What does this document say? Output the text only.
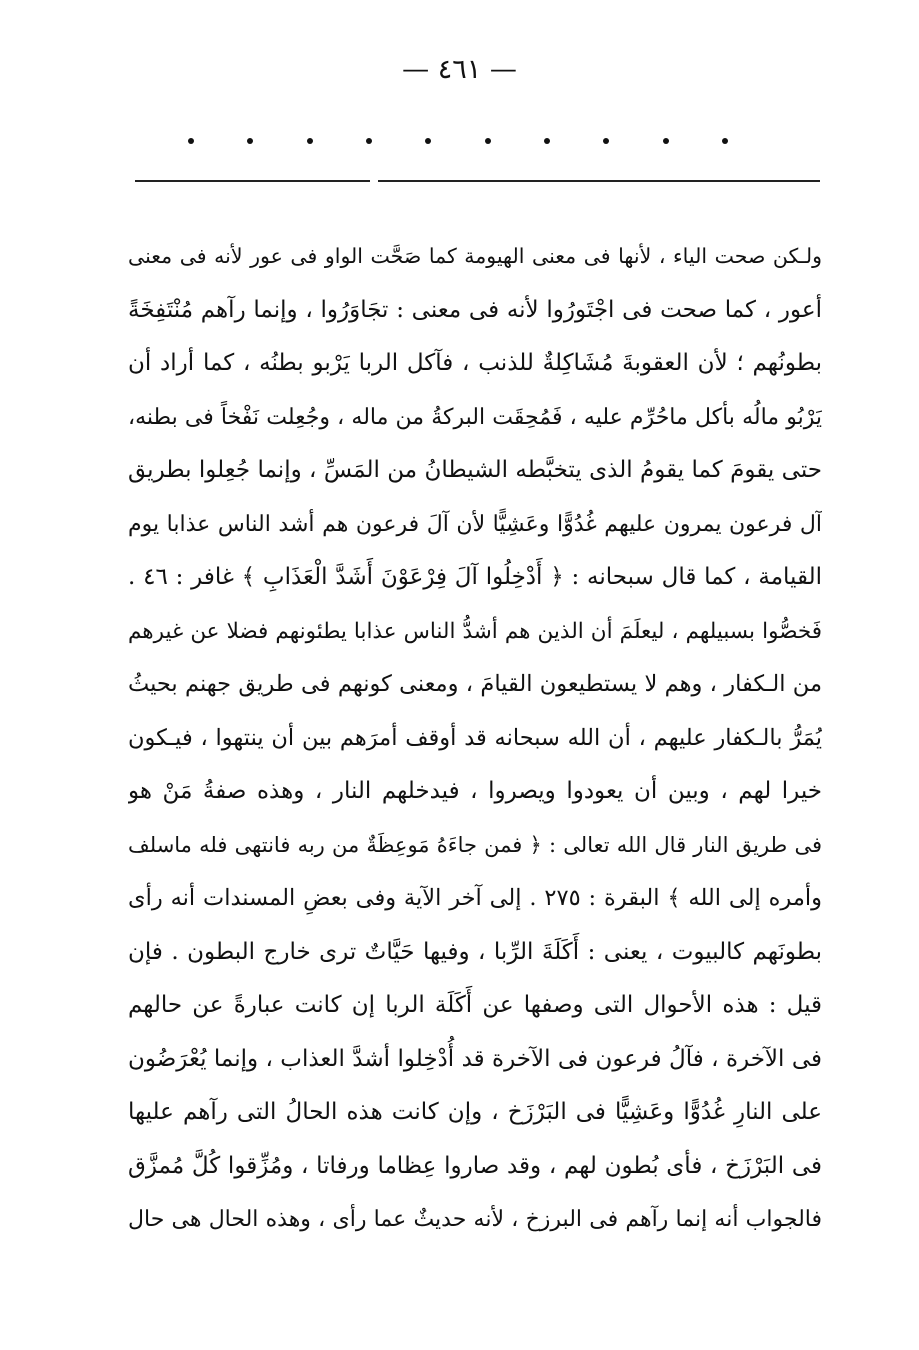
— ٤٦١ —
ولـكن صحت الياء ، لأنها فى معنى الهيومة كما صَحَّت الواو فى عور لأنه فى معنى
أعور ، كما صحت فى اجْتَورُوا لأنه فى معنى : تجَاوَرُوا ، وإنما رآهم مُنْتَفِخَةً
بطونُهم ؛ لأن العقوبةَ مُشَاكِلةٌ للذنب ، فآكل الربا يَرْبو بطنُه ، كما أراد أن
يَرْبُو مالُه بأكل ماحُرِّم عليه ، فَمُحِقَت البركةُ من ماله ، وجُعِلت نَفْخاً فى بطنه،
حتى يقومَ كما يقومُ الذى يتخبَّطه الشيطانُ من المَسِّ ، وإنما جُعِلوا بطريق
آل فرعون يمرون عليهم غُدُوًّا وعَشِيًّا لأن آلَ فرعون هم أشد الناس عذابا يوم
القيامة ، كما قال سبحانه : ﴿ أَدْخِلُوا آلَ فِرْعَوْنَ أَشَدَّ الْعَذَابِ ﴾ غافر : ٤٦ .
فَخصُّوا بسبيلهم ، ليعلَمَ أن الذين هم أشدُّ الناس عذابا يطئونهم فضلا عن غيرهم
من الـكفار ، وهم لا يستطيعون القيامَ ، ومعنى كونهم فى طريق جهنم بحيثُ
يُمَرُّ بالـكفار عليهم ، أن الله سبحانه قد أوقف أمرَهم بين أن ينتهوا ، فيـكون
خيرا لهم ، وبين أن يعودوا ويصروا ، فيدخلهم النار ، وهذه صفةُ مَنْ هو
فى طريق النار قال الله تعالى : ﴿ فمن جاءَهُ مَوعِظَةٌ من ربه فانتهى فله ماسلف
وأمره إلى الله ﴾ البقرة : ٢٧٥ . إلى آخر الآية وفى بعضِ المسندات أنه رأى
بطونَهم كالبيوت ، يعنى : أَكَلَةَ الرِّبا ، وفيها حَيَّاتٌ ترى خارج البطون . فإن
قيل : هذه الأحوال التى وصفها عن أَكَلَة الربا إن كانت عبارةً عن حالهم
فى الآخرة ، فآلُ فرعون فى الآخرة قد أُدْخِلوا أشدَّ العذاب ، وإنما يُعْرَضُون
على النارِ غُدُوًّا وعَشِيًّا فى البَرْزَخ ، وإن كانت هذه الحالُ التى رآهم عليها
فى البَرْزَخ ، فأى بُطون لهم ، وقد صاروا عِظاما ورفاتا ، ومُزِّقوا كُلَّ مُمزَّق
فالجواب أنه إنما رآهم فى البرزخ ، لأنه حديثٌ عما رأى ، وهذه الحال هى حال
